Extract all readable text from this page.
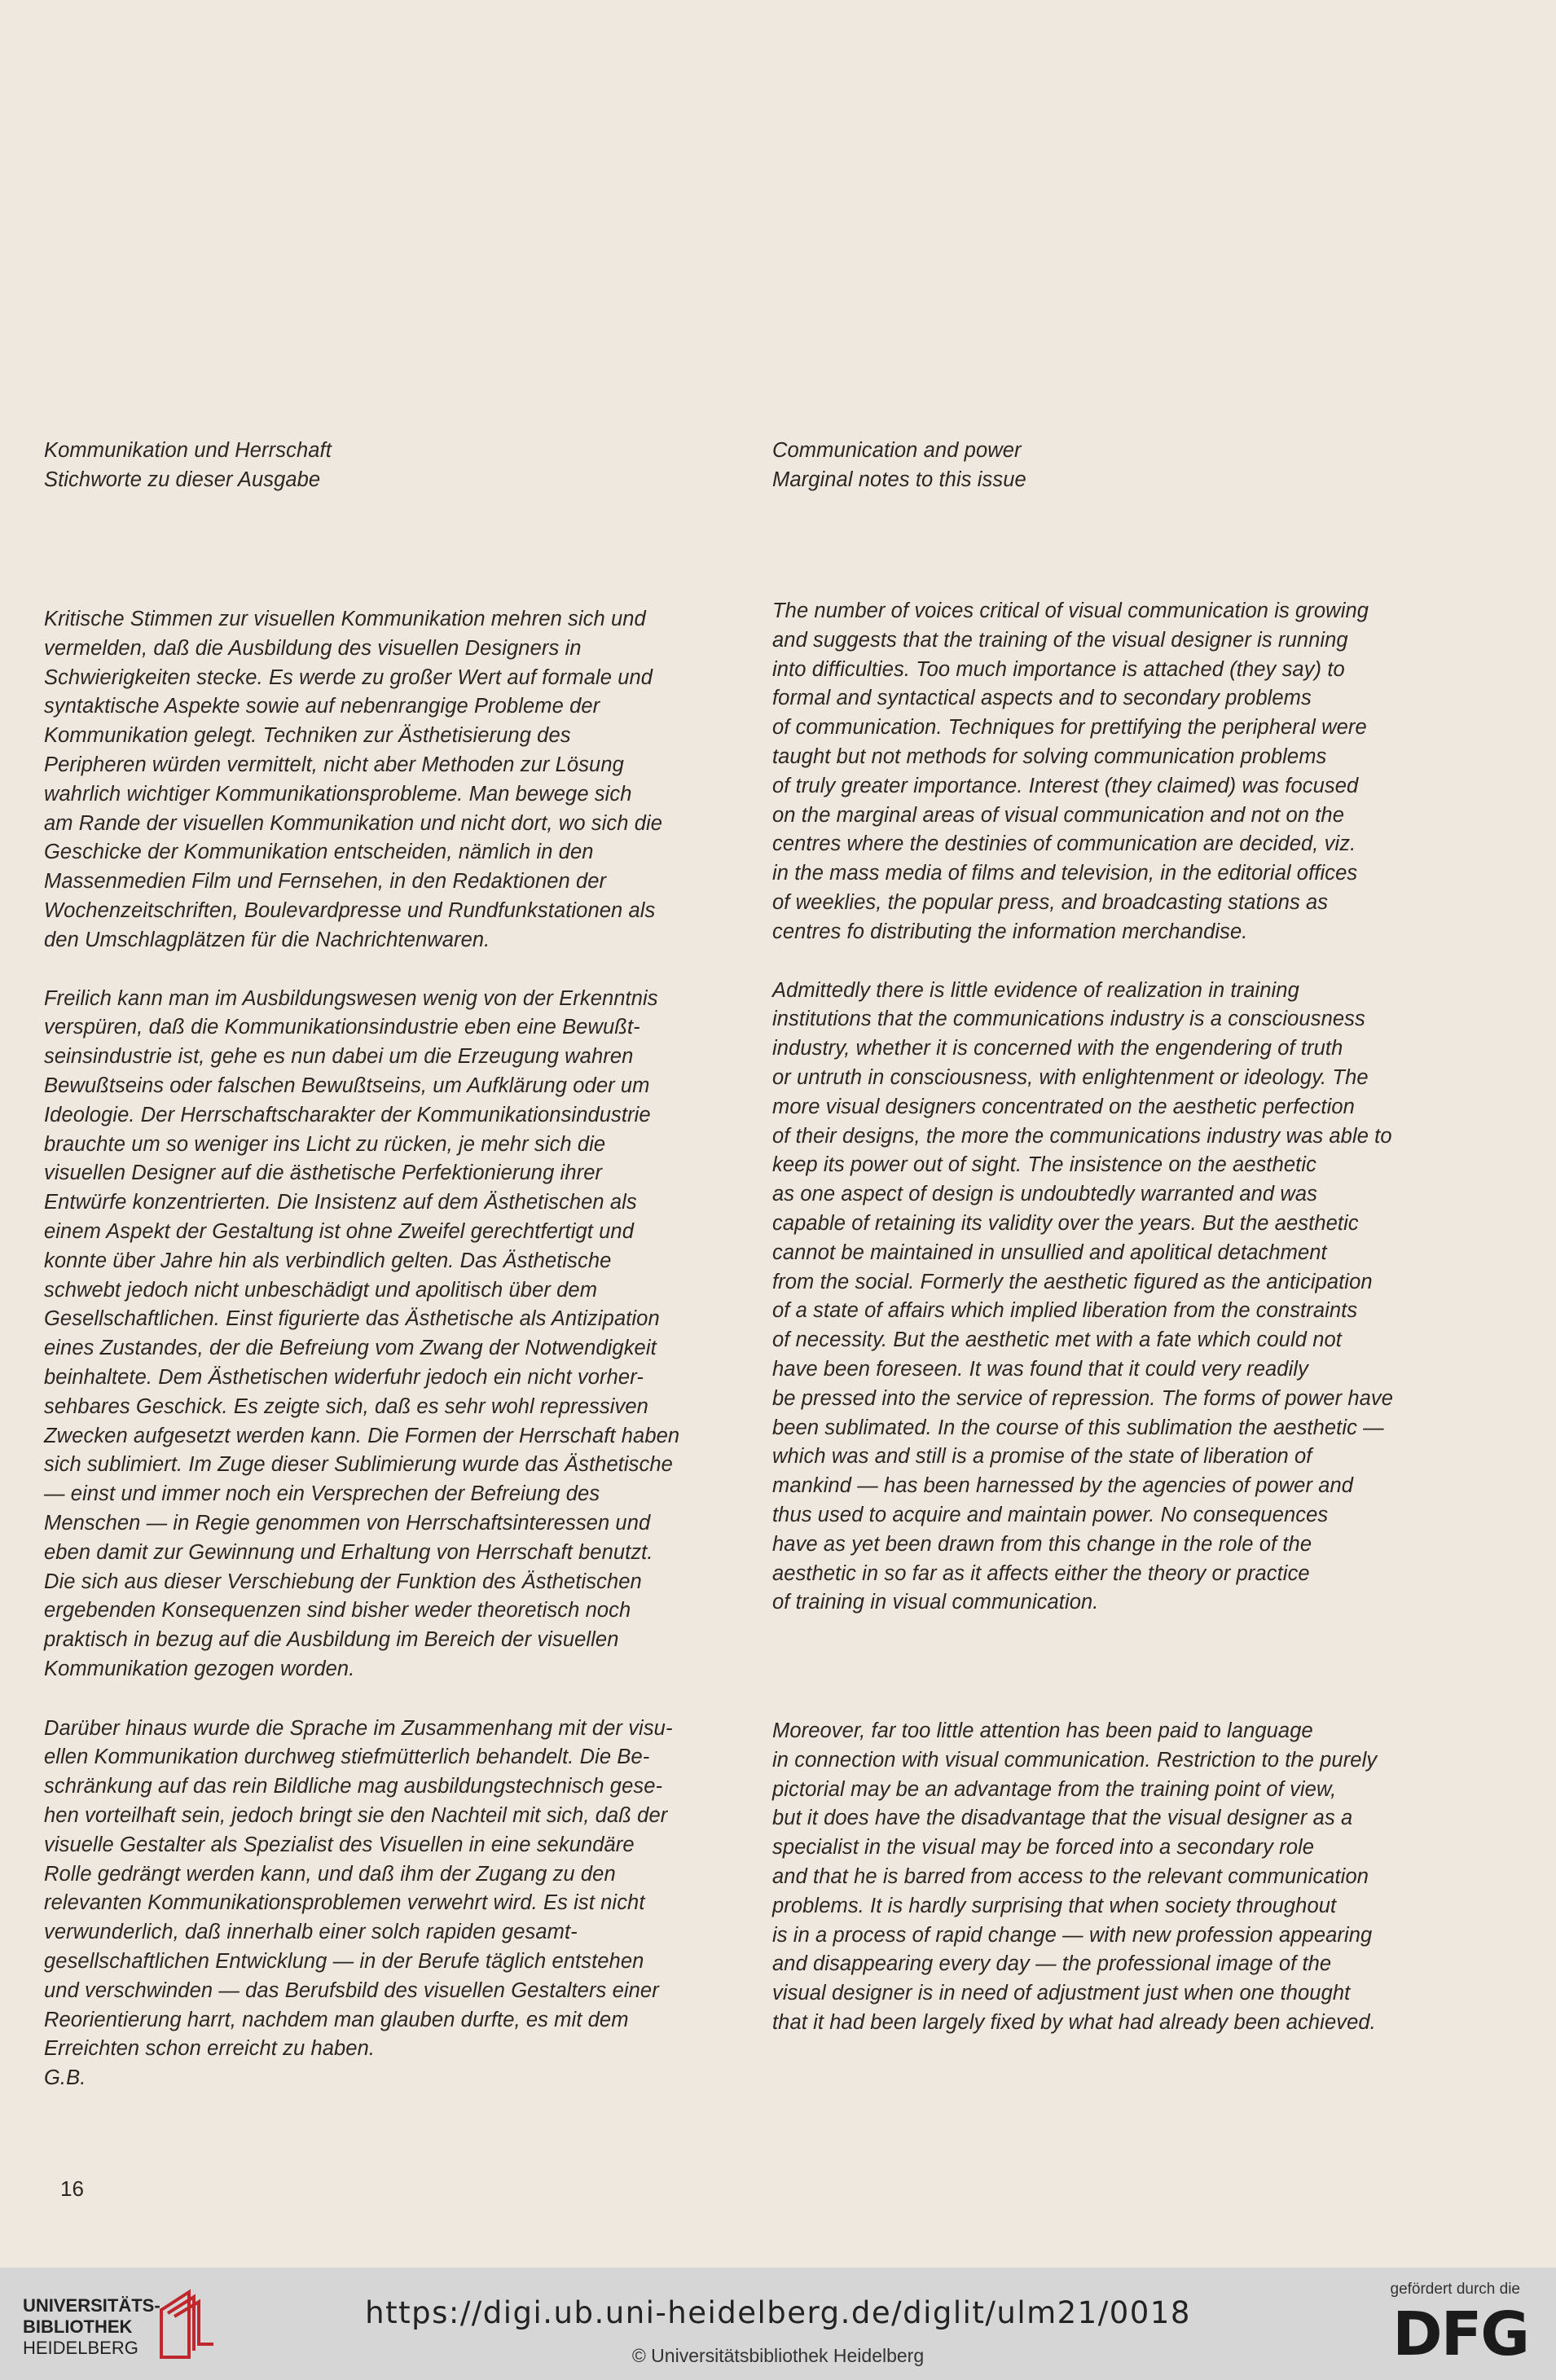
Kommunikation und Herrschaft
Stichworte zu dieser Ausgabe

Communication and power
Marginal notes to this issue

Kritische Stimmen zur visuellen Kommunikation mehren sich und
vermelden, daß die Ausbildung des visuellen Designers in
Schwierigkeiten stecke. Es werde zu großer Wert auf formale und
syntaktische Aspekte sowie auf nebenrangige Probleme der
Kommunikation gelegt. Techniken zur Ästhetisierung des
Peripheren würden vermittelt, nicht aber Methoden zur Lösung
wahrlich wichtiger Kommunikationsprobleme. Man bewege sich
am Rande der visuellen Kommunikation und nicht dort, wo sich die
Geschicke der Kommunikation entscheiden, nämlich in den
Massenmedien Film und Fernsehen, in den Redaktionen der
Wochenzeitschriften, Boulevardpresse und Rundfunkstationen als
den Umschlagplätzen für die Nachrichtenwaren.

Freilich kann man im Ausbildungswesen wenig von der Erkenntnis
verspüren, daß die Kommunikationsindustrie eben eine Bewußt-
seinsindustrie ist, gehe es nun dabei um die Erzeugung wahren
Bewußtseins oder falschen Bewußtseins, um Aufklärung oder um
Ideologie. Der Herrschaftscharakter der Kommunikationsindustrie
brauchte um so weniger ins Licht zu rücken, je mehr sich die
visuellen Designer auf die ästhetische Perfektionierung ihrer
Entwürfe konzentrierten. Die Insistenz auf dem Ästhetischen als
einem Aspekt der Gestaltung ist ohne Zweifel gerechtfertigt und
konnte über Jahre hin als verbindlich gelten. Das Ästhetische
schwebt jedoch nicht unbeschädigt und apolitisch über dem
Gesellschaftlichen. Einst figurierte das Ästhetische als Antizipation
eines Zustandes, der die Befreiung vom Zwang der Notwendigkeit
beinhaltete. Dem Ästhetischen widerfuhr jedoch ein nicht vorher-
sehbares Geschick. Es zeigte sich, daß es sehr wohl repressiven
Zwecken aufgesetzt werden kann. Die Formen der Herrschaft haben
sich sublimiert. Im Zuge dieser Sublimierung wurde das Ästhetische
— einst und immer noch ein Versprechen der Befreiung des
Menschen — in Regie genommen von Herrschaftsinteressen und
eben damit zur Gewinnung und Erhaltung von Herrschaft benutzt.
Die sich aus dieser Verschiebung der Funktion des Ästhetischen
ergebenden Konsequenzen sind bisher weder theoretisch noch
praktisch in bezug auf die Ausbildung im Bereich der visuellen
Kommunikation gezogen worden.

Darüber hinaus wurde die Sprache im Zusammenhang mit der visu-
ellen Kommunikation durchweg stiefmütterlich behandelt. Die Be-
schränkung auf das rein Bildliche mag ausbildungstechnisch gese-
hen vorteilhaft sein, jedoch bringt sie den Nachteil mit sich, daß der
visuelle Gestalter als Spezialist des Visuellen in eine sekundäre
Rolle gedrängt werden kann, und daß ihm der Zugang zu den
relevanten Kommunikationsproblemen verwehrt wird. Es ist nicht
verwunderlich, daß innerhalb einer solch rapiden gesamt-
gesellschaftlichen Entwicklung — in der Berufe täglich entstehen
und verschwinden — das Berufsbild des visuellen Gestalters einer
Reorientierung harrt, nachdem man glauben durfte, es mit dem
Erreichten schon erreicht zu haben.

G.B.

The number of voices critical of visual communication is growing
and suggests that the training of the visual designer is running
into difficulties. Too much importance is attached (they say) to
formal and syntactical aspects and to secondary problems
of communication. Techniques for prettifying the peripheral were
taught but not methods for solving communication problems
of truly greater importance. Interest (they claimed) was focused
on the marginal areas of visual communication and not on the
centres where the destinies of communication are decided, viz.
in the mass media of films and television, in the editorial offices
of weeklies, the popular press, and broadcasting stations as
centres fo distributing the information merchandise.

Admittedly there is little evidence of realization in training
institutions that the communications industry is a consciousness
industry, whether it is concerned with the engendering of truth
or untruth in consciousness, with enlightenment or ideology. The
more visual designers concentrated on the aesthetic perfection
of their designs, the more the communications industry was able to
keep its power out of sight. The insistence on the aesthetic
as one aspect of design is undoubtedly warranted and was
capable of retaining its validity over the years. But the aesthetic
cannot be maintained in unsullied and apolitical detachment
from the social. Formerly the aesthetic figured as the anticipation
of a state of affairs which implied liberation from the constraints
of necessity. But the aesthetic met with a fate which could not
have been foreseen. It was found that it could very readily
be pressed into the service of repression. The forms of power have
been sublimated. In the course of this sublimation the aesthetic —
which was and still is a promise of the state of liberation of
mankind — has been harnessed by the agencies of power and
thus used to acquire and maintain power. No consequences
have as yet been drawn from this change in the role of the
aesthetic in so far as it affects either the theory or practice
of training in visual communication.

Moreover, far too little attention has been paid to language
in connection with visual communication. Restriction to the purely
pictorial may be an advantage from the training point of view,
but it does have the disadvantage that the visual designer as a
specialist in the visual may be forced into a secondary role
and that he is barred from access to the relevant communication
problems. It is hardly surprising that when society throughout
is in a process of rapid change — with new profession appearing
and disappearing every day — the professional image of the
visual designer is in need of adjustment just when one thought
that it had been largely fixed by what had already been achieved.

16
UNIVERSITÄTS-
BIBLIOTHEK
HEIDELBERG
https://digi.ub.uni-heidelberg.de/diglit/ulm21/0018
© Universitätsbibliothek Heidelberg
gefördert durch die
DFG
